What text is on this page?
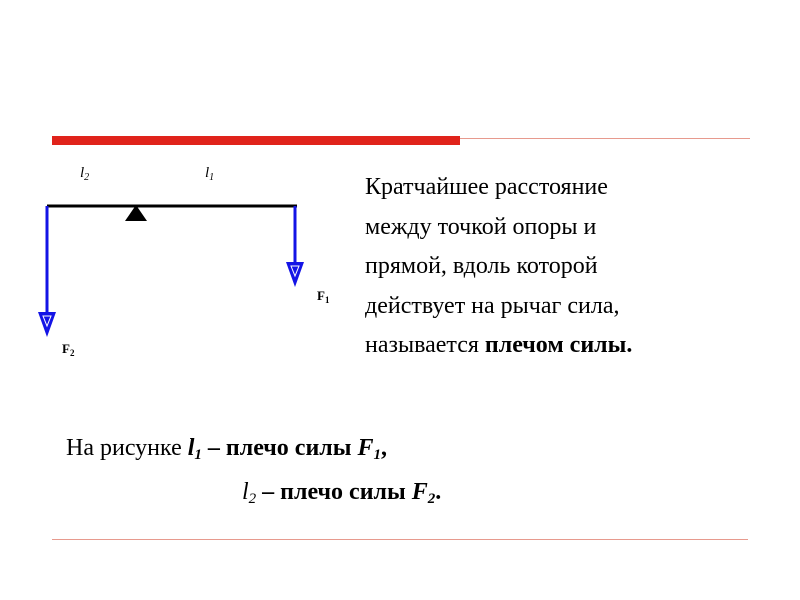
$l_2$	$l_1$
$F_1$
$F_2$
Кратчайшее расстояние
между точкой опоры и
прямой, вдоль которой
действует на рычаг сила,
называется плечом силы.
На рисунке $l_1$ – плечо силы $F_1$,
$l_2$ – плечо силы $F_2$.
